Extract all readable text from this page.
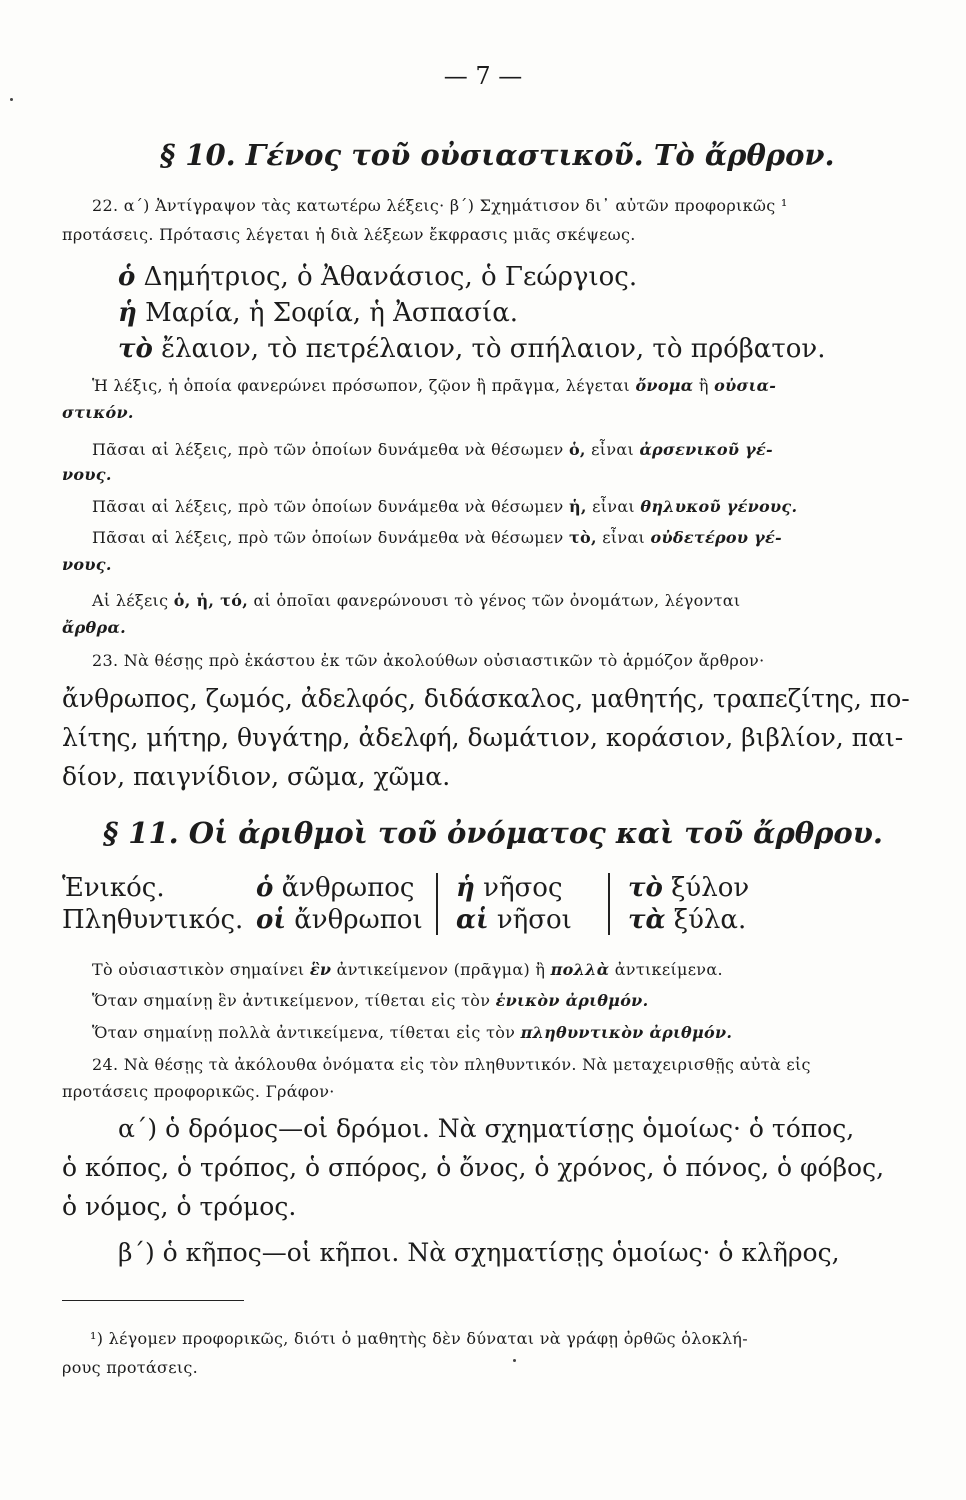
— 7 —
§ 10. Γένος τοῦ οὐσιαστικοῦ. Τὸ ἄρθρον.
22. α΄) Ἀντίγραψον τὰς κατωτέρω λέξεις· β΄) Σχημάτισον δι᾽ αὐτῶν προφορικῶς ¹
προτάσεις. Πρότασις λέγεται ἡ διὰ λέξεων ἔκφρασις μιᾶς σκέψεως.
ὁ Δημήτριος, ὁ Ἀθανάσιος, ὁ Γεώργιος.
ἡ Μαρία, ἡ Σοφία, ἡ Ἀσπασία.
τὸ ἔλαιον, τὸ πετρέλαιον, τὸ σπήλαιον, τὸ πρόβατον.
Ἡ λέξις, ἡ ὁποία φανερώνει πρόσωπον, ζῷον ἢ πρᾶγμα, λέγεται ὄνομα ἢ οὐσια-
στικόν.
Πᾶσαι αἱ λέξεις, πρὸ τῶν ὁποίων δυνάμεθα νὰ θέσωμεν ὁ, εἶναι ἀρσενικοῦ γέ-
νους.
Πᾶσαι αἱ λέξεις, πρὸ τῶν ὁποίων δυνάμεθα νὰ θέσωμεν ἡ, εἶναι θηλυκοῦ γένους.
Πᾶσαι αἱ λέξεις, πρὸ τῶν ὁποίων δυνάμεθα νὰ θέσωμεν τὸ, εἶναι οὐδετέρου γέ-
νους.
Αἱ λέξεις ὁ, ἡ, τό, αἱ ὁποῖαι φανερώνουσι τὸ γένος τῶν ὀνομάτων, λέγονται
ἄρθρα.
23. Νὰ θέσῃς πρὸ ἑκάστου ἐκ τῶν ἀκολούθων οὐσιαστικῶν τὸ ἁρμόζον ἄρθρον·
ἄνθρωπος, ζωμός, ἀδελφός, διδάσκαλος, μαθητής, τραπεζίτης, πο-
λίτης, μήτηρ, θυγάτηρ, ἀδελφή, δωμάτιον, κοράσιον, βιβλίον, παι-
δίον, παιγνίδιον, σῶμα, χῶμα.
§ 11. Οἱ ἀριθμοὶ τοῦ ὀνόματος καὶ τοῦ ἄρθρου.
Ἑνικός.	ὁ ἄνθρωπος ἡ νῆσος	τὸ ξύλον
Πληθυντικός. οἱ ἄνθρωποι αἱ νῆσοι τὰ ξύλα.
Τὸ οὐσιαστικὸν σημαίνει ἓν ἀντικείμενον (πρᾶγμα) ἢ πολλὰ ἀντικείμενα.
Ὅταν σημαίνῃ ἓν ἀντικείμενον, τίθεται εἰς τὸν ἑνικὸν ἀριθμόν.
Ὅταν σημαίνῃ πολλὰ ἀντικείμενα, τίθεται εἰς τὸν πληθυντικὸν ἀριθμόν.
24. Νὰ θέσῃς τὰ ἀκόλουθα ὀνόματα εἰς τὸν πληθυντικόν. Νὰ μεταχειρισθῇς αὐτὰ εἰς
προτάσεις προφορικῶς. Γράφον·
α΄) ὁ δρόμος—οἱ δρόμοι. Νὰ σχηματίσῃς ὁμοίως· ὁ τόπος,
ὁ κόπος, ὁ τρόπος, ὁ σπόρος, ὁ ὄνος, ὁ χρόνος, ὁ πόνος, ὁ φόβος,
ὁ νόμος, ὁ τρόμος.
β΄) ὁ κῆπος—οἱ κῆποι. Νὰ σχηματίσῃς ὁμοίως· ὁ κλῆρος,
¹) λέγομεν προφορικῶς, διότι ὁ μαθητὴς δὲν δύναται νὰ γράφῃ ὀρθῶς ὁλοκλή-
ρους προτάσεις.
